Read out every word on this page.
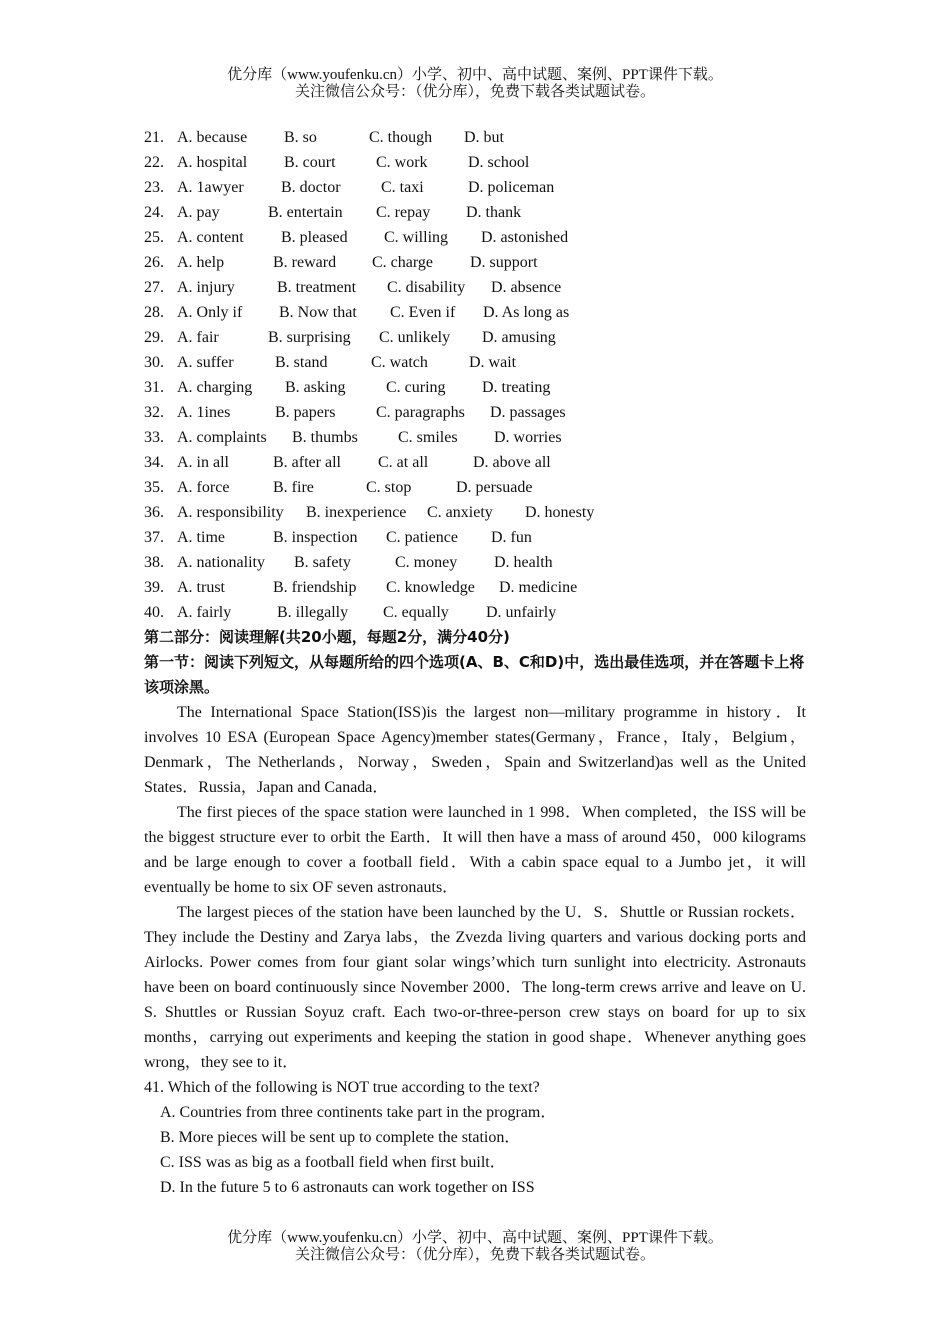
优分库（www.youfenku.cn）小学、初中、高中试题、案例、PPT课件下载。
关注微信公众号：（优分库），免费下载各类试题试卷。
21. A. because B. so	C. though D. but
22. A. hospital B. court	C. work	D. school
23. A. 1awyer B. doctor	C. taxi	D. policeman
24. A. pay	B. entertain C. repay D. thank
25. A. content B. pleased C. willing D. astonished
26. A. help	B. reward C. charge D. support
27. A. injury	B. treatment C. disability D. absence
28. A. Only if B. Now that C. Even if D. As long as
29. A. fair	B. surprising C. unlikely D. amusing
30. A. suffer	B. stand	C. watch	D. wait
31. A. charging B. asking	C. curing D. treating
32. A. 1ines	B. papers	C. paragraphs D. passages
33. A. complaints B. thumbs	C. smiles D. worries
34. A. in all	B. after all C. at all	D. above all
35. A. force	B. fire	C. stop	D. persuade
36. A. responsibility B. inexperience C. anxiety D. honesty
37. A. time	B. inspection C. patience D. fun
38. A. nationality B. safety	C. money D. health
39. A. trust	B. friendship C. knowledge D. medicine
40. A. fairly	B. illegally C. equally D. unfairly
第二部分：阅读理解(共20小题，每题2分，满分40分)
第一节：阅读下列短文，从每题所给的四个选项(A、B、C和D)中，选出最佳选项，并在答题卡上将该项涂黑。

The International Space Station(ISS)is the largest non—military programme in history．It involves 10 ESA (European Space Agency)member states(Germany，France，Italy，Belgium，Denmark，The Netherlands，Norway，Sweden，Spain and Switzerland)as well as the United States．Russia，Japan and Canada．

The first pieces of the space station were launched in 1 998．When completed，the ISS will be the biggest structure ever to orbit the Earth．It will then have a mass of around 450，000 kilograms and be large enough to cover a football field．With a cabin space equal to a Jumbo jet，it will eventually be home to six OF seven astronauts．

The largest pieces of the station have been launched by the U．S．Shuttle or Russian rockets．They include the Destiny and Zarya labs，the Zvezda living quarters and various docking ports and Airlocks. Power comes from four giant solar wings’which turn sunlight into electricity. Astronauts have been on board continuously since November 2000．The long-term crews arrive and leave on U. S. Shuttles or Russian Soyuz craft. Each two-or-three-person crew stays on board for up to six months，carrying out experiments and keeping the station in good shape．Whenever anything goes wrong，they see to it．

41. Which of the following is NOT true according to the text?

A. Countries from three continents take part in the program．

B. More pieces will be sent up to complete the station．

C. ISS was as big as a football field when first built．

D. In the future 5 to 6 astronauts can work together on ISS

优分库（www.youfenku.cn）小学、初中、高中试题、案例、PPT课件下载。
关注微信公众号：（优分库），免费下载各类试题试卷。
